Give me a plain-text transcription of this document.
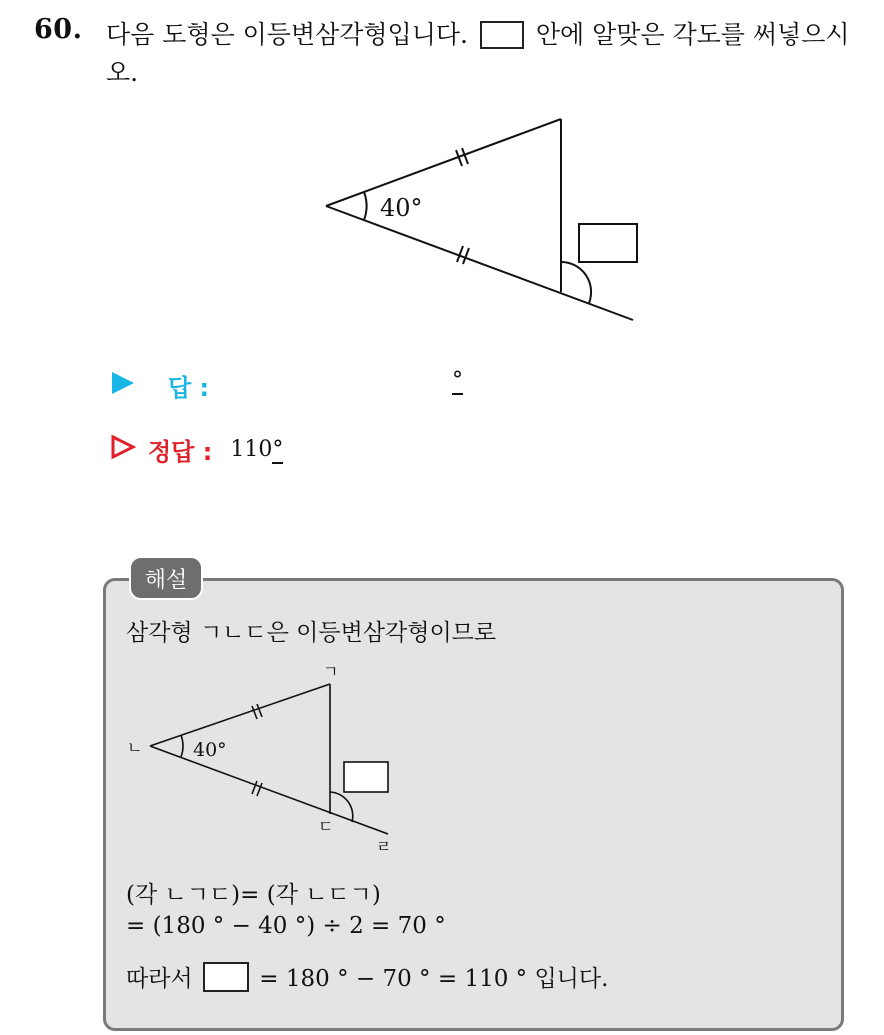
60. 다음 도형은 이등변삼각형입니다.	안에 알맞은 각도를 써넣으시오.
40°
답 :	°
정답 : 110°
해설
삼각형 ㄱㄴㄷ은 이등변삼각형이므로
40°
ㄱ
ㄴ
ㄷ
ㄹ
(각 ㄴㄱㄷ)= (각 ㄴㄷㄱ)
= (180 ° − 40 °) ÷ 2 = 70 °
따라서	= 180 ° − 70 ° = 110 ° 입니다.
